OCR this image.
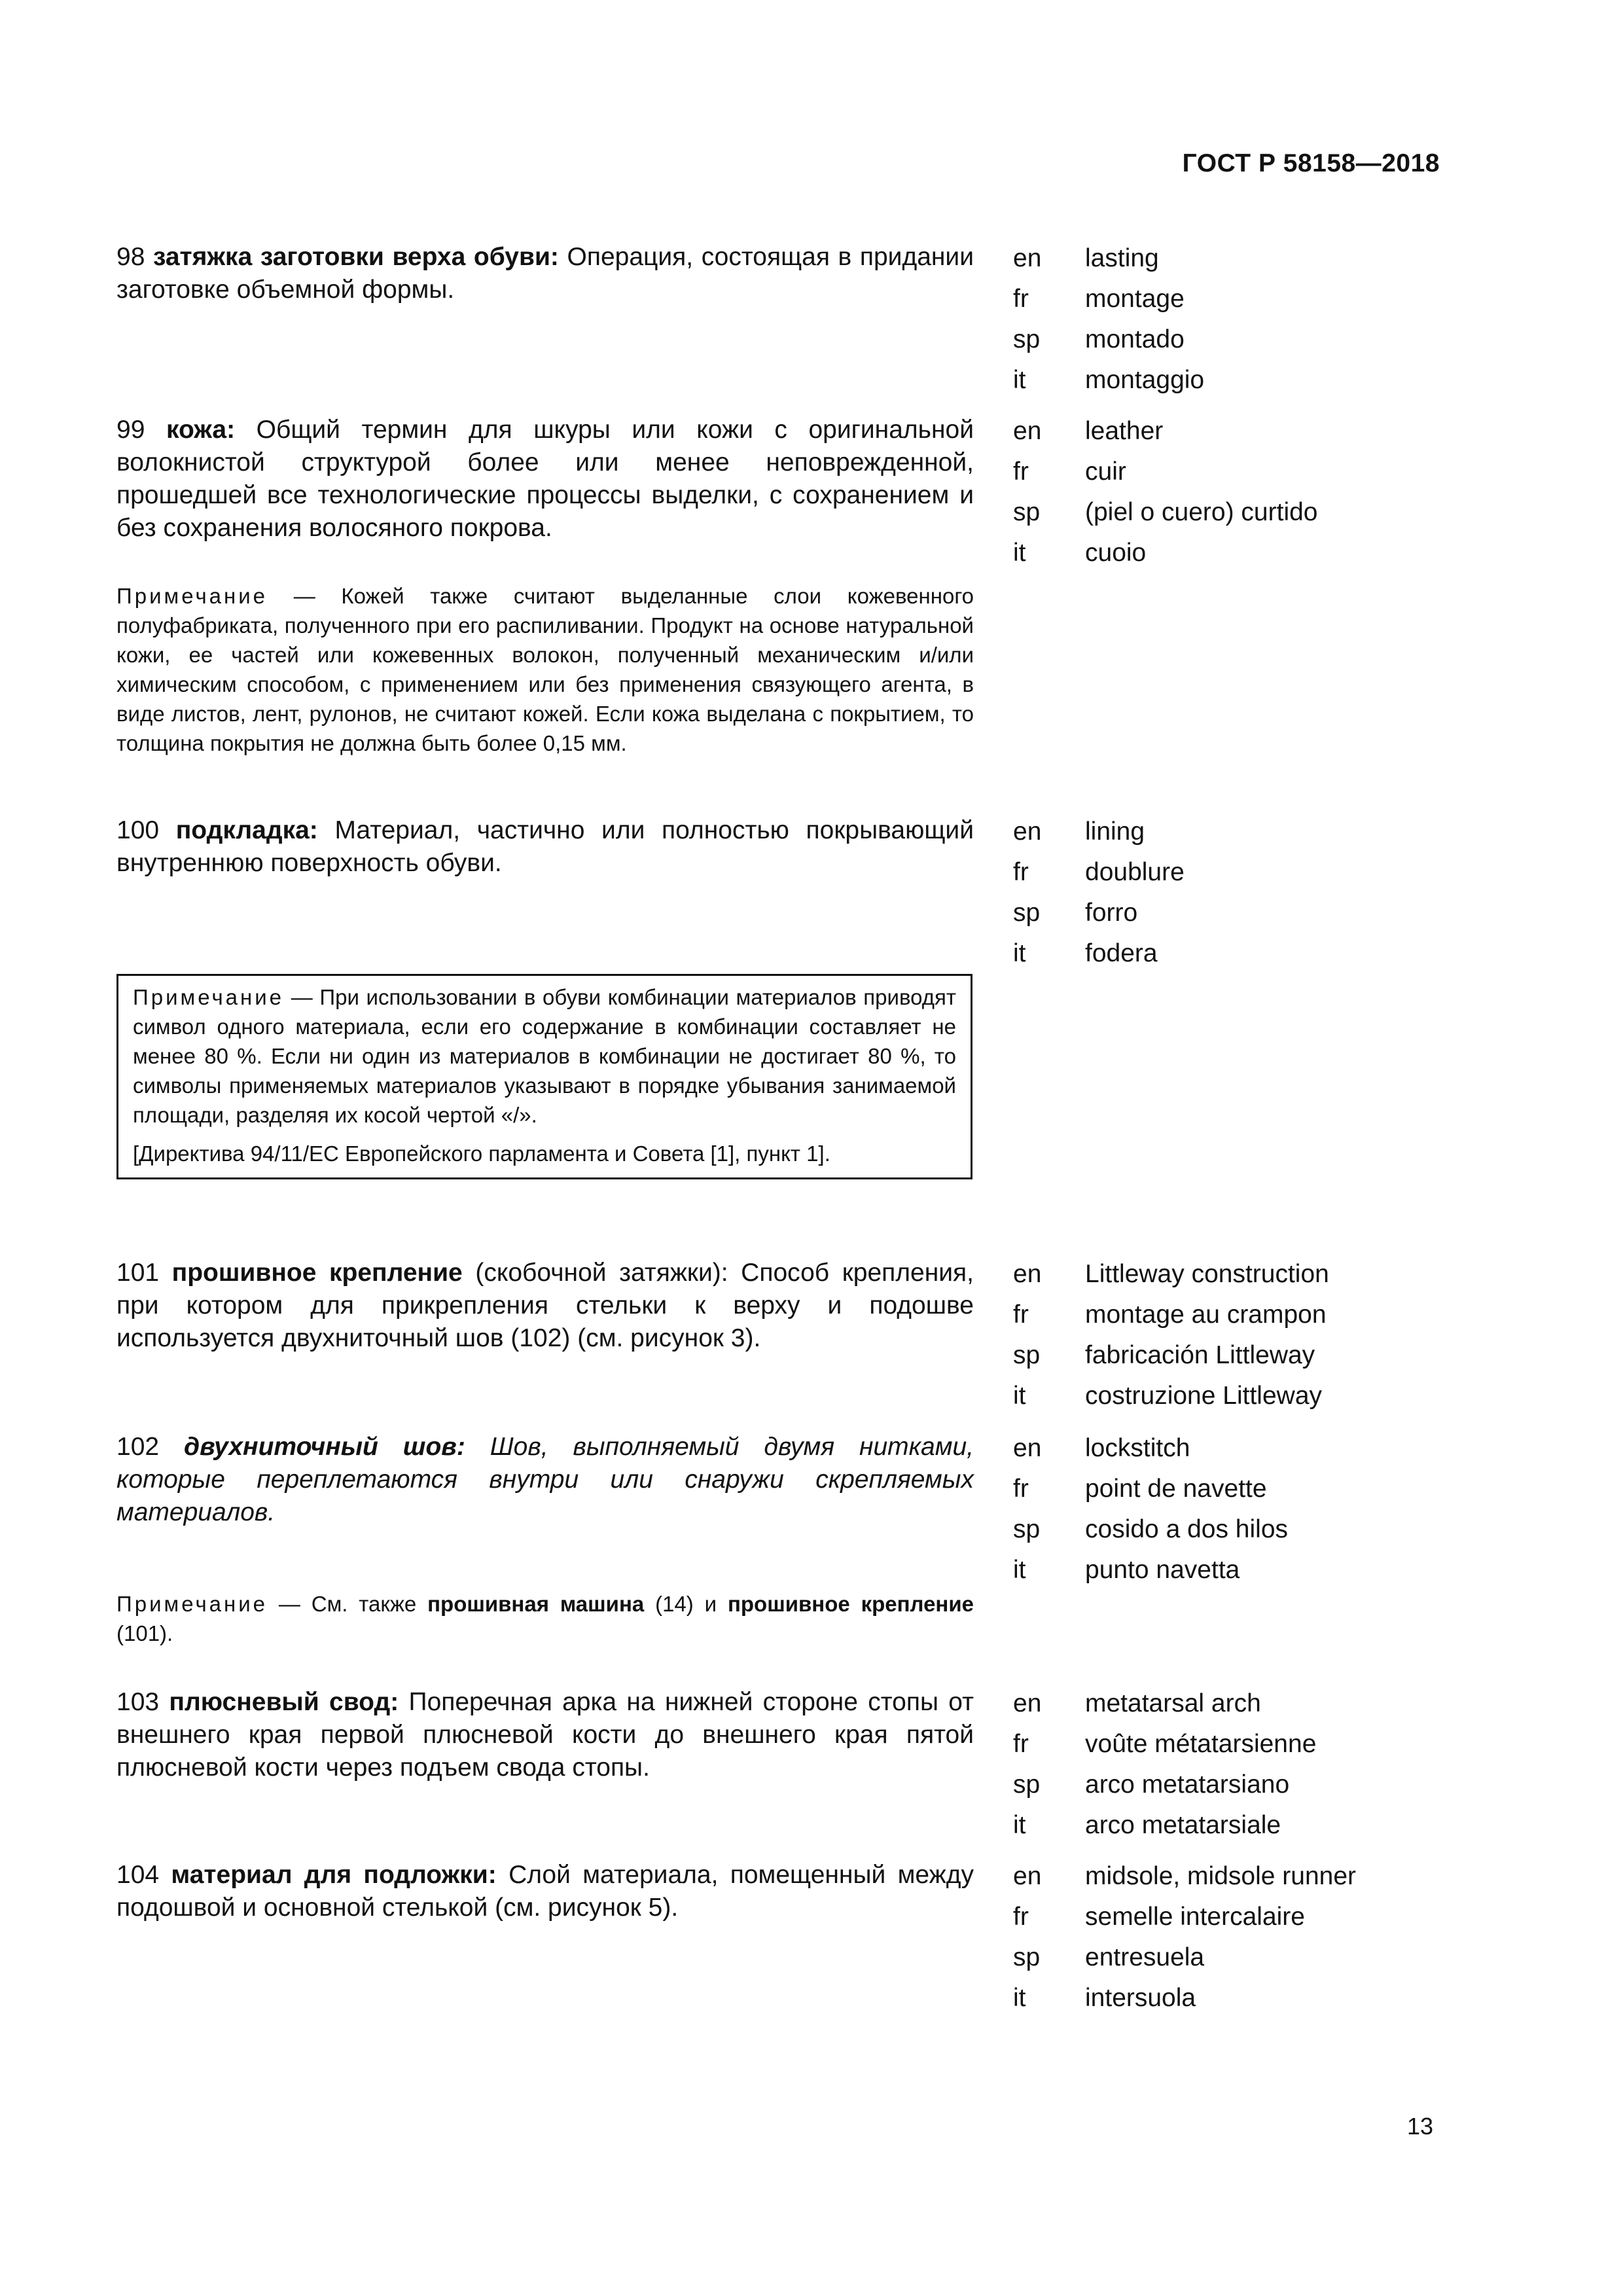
ГОСТ Р 58158—2018

98 затяжка заготовки верха обуви: Операция, состоящая в придании заготовке объемной формы.

en lasting
fr montage
sp montado
it montaggio

99 кожа: Общий термин для шкуры или кожи с оригинальной волокнистой структурой более или менее неповрежденной, прошедшей все технологические процессы выделки, с сохранением и без сохранения волосяного покрова.

Примечание — Кожей также считают выделанные слои кожевенного полуфабриката, полученного при его распиливании. Продукт на основе натуральной кожи, ее частей или кожевенных волокон, полученный механическим и/или химическим способом, с применением или без применения связующего агента, в виде листов, лент, рулонов, не считают кожей. Если кожа выделана с покрытием, то толщина покрытия не должна быть более 0,15 мм.

en leather
fr cuir
sp (piel o cuero) curtido
it cuoio

100 подкладка: Материал, частично или полностью покрывающий внутреннюю поверхность обуви.

en lining
fr doublure
sp forro
it fodera

Примечание — При использовании в обуви комбинации материалов приводят символ одного материала, если его содержание в комбинации составляет не менее 80 %. Если ни один из материалов в комбинации не достигает 80 %, то символы применяемых материалов указывают в порядке убывания занимаемой площади, разделяя их косой чертой «/».

[Директива 94/11/ЕС Европейского парламента и Совета [1], пункт 1].

101 прошивное крепление (скобочной затяжки): Способ крепления, при котором для прикрепления стельки к верху и подошве используется двухниточный шов (102) (см. рисунок 3).

en Littleway construction
fr montage au crampon
sp fabricación Littleway
it costruzione Littleway

102 двухниточный шов: Шов, выполняемый двумя нитками, которые переплетаются внутри или снаружи скрепляемых материалов.

Примечание — См. также прошивная машина (14) и прошивное крепление (101).

en lockstitch
fr point de navette
sp cosido a dos hilos
it punto navetta

103 плюсневый свод: Поперечная арка на нижней стороне стопы от внешнего края первой плюсневой кости до внешнего края пятой плюсневой кости через подъем свода стопы.

en metatarsal arch
fr voûte métatarsienne
sp arco metatarsiano
it arco metatarsiale

104 материал для подложки: Слой материала, помещенный между подошвой и основной стелькой (см. рисунок 5).

en midsole, midsole runner
fr semelle intercalaire
sp entresuela
it intersuola
13
